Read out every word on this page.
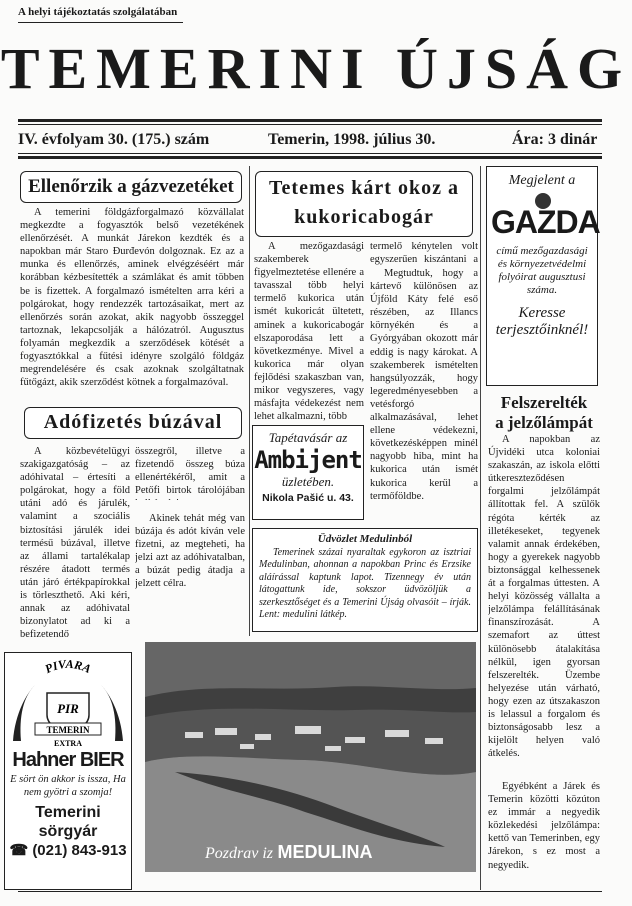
A helyi tájékoztatás szolgálatában
TEMERINI ÚJSÁG
IV. évfolyam 30. (175.) szám	Temerin, 1998. július 30.	Ára: 3 dinár
Ellenőrzik a gázvezetéket
A temerini földgázforgalmazó közvállalat megkezdte a fogyasztók belső vezetékének ellenőrzését. A munkát Járekon kezdték és a napokban már Staro Đurđevón dolgoznak. Ez az a munka és ellenőrzés, aminek elvégzéséért már korábban kézbesítették a számlákat és amit többen be is fizettek. A forgalmazó ismételten arra kéri a polgárokat, hogy rendezzék tartozásaikat, mert az ellenőrzés során azokat, akik nagyobb összeggel tartoznak, lekapcsolják a hálózatról. Augusztus folyamán megkezdik a szerződések kötését a fogyasztókkal a fűtési idényre szolgáló földgáz megrendelésére és csak azoknak szolgáltatnak fűtőgázt, akik szerződést kötnek a forgalmazóval.
Adófizetés búzával
A közbevételügyi szakigazgatóság – az adóhivatal – értesíti a polgárokat, hogy a föld utáni adó és járulék, valamint a szociális biztosítási járulék idei termésű búzával, illetve az állami tartalékalap részére átadott termés után járó értékpapírokkal is törleszthető. Aki kéri, annak az adóhivatal bizonylatot ad ki a befizetendő
összegről, illetve a fizetendő összeg búza ellenértékéről, amit a Petőfi birtok tárolójában
Akinek tehát még van búzája és adót kíván vele fizetni, az megteheti, ha jelzi azt az adóhivatalban, a búzát pedig átadja a jelzett célra.
Tetemes kárt okoz a kukoricabogár
A mezőgazdasági szakemberek figyelmeztetése ellenére a tavasszal több helyi termelő kukorica után ismét kukoricát ültetett, aminek a kukoricabogár elszaporodása lett a következménye. Mivel a kukorica már olyan fejlődési szakaszban van, mikor vegyszeres, vagy másfajta védekezést nem lehet alkalmazni, több
termelő kénytelen volt egyszerűen kiszántani a
Megtudtuk, hogy a kártevő különösen az Újföld Káty felé eső részében, az Illancs környékén és a Gyórgyában okozott már eddig is nagy károkat. A szakemberek ismételten hangsúlyozzák, hogy legeredményesebben a vetésforgó alkalmazásával, lehet ellene védekezni, következésképpen minél nagyobb hiba, mint ha kukorica után ismét kukorica kerül a termőföldbe.
Tapétavásár az
Ambijent
üzletében.
Nikola Pašić u. 43.
Üdvözlet Medulinból
Temerinek százai nyaraltak egykoron az isztriai Medulinban, ahonnan a napokban Princ és Erzsike aláírással kaptunk lapot. Tizennegy év után látogattunk ide, sokszor üdvözöljük a szerkesztőséget és a Temerini Újság olvasóit – írják. Lent: medulini látkép.
Megjelent a
GAZDA
című mezőgazdasági és környezetvédelmi folyóirat augusztusi száma.
Keresse terjesztőinknél!
Felszerelték
a jelzőlámpát
A napokban az Újvidéki utca koloniai szakaszán, az iskola előtti útkereszteződésen forgalmi jelzőlámpát állítottak fel. A szülők régóta kérték az illetékeseket, tegyenek valamit annak érdekében, hogy a gyerekek nagyobb biztonsággal kelhessenek át a forgalmas úttesten. A helyi közösség vállalta a jelzőlámpa felállításának finanszírozását. A szemafort az úttest különösebb átalakítása nélkül, igen gyorsan felszerelték. Üzembe helyezése után várható, hogy ezen az útszakaszon is lelassul a forgalom és biztonságosabb lesz a kijelölt helyen való átkelés.
Egyébként a Járek és Temerin közötti közúton ez immár a negyedik közlekedési jelzőlámpa: kettő van Temerinben, egy Járekon, s ez most a negyedik.
PIVARA
PIR
TEMERIN
EXTRA
Hahner BIER
E sört ön akkor is issza, Ha nem gyötri a szomja!
Temerini
sörgyár
☎ (021) 843-913	Pozdrav iz MEDULINA
